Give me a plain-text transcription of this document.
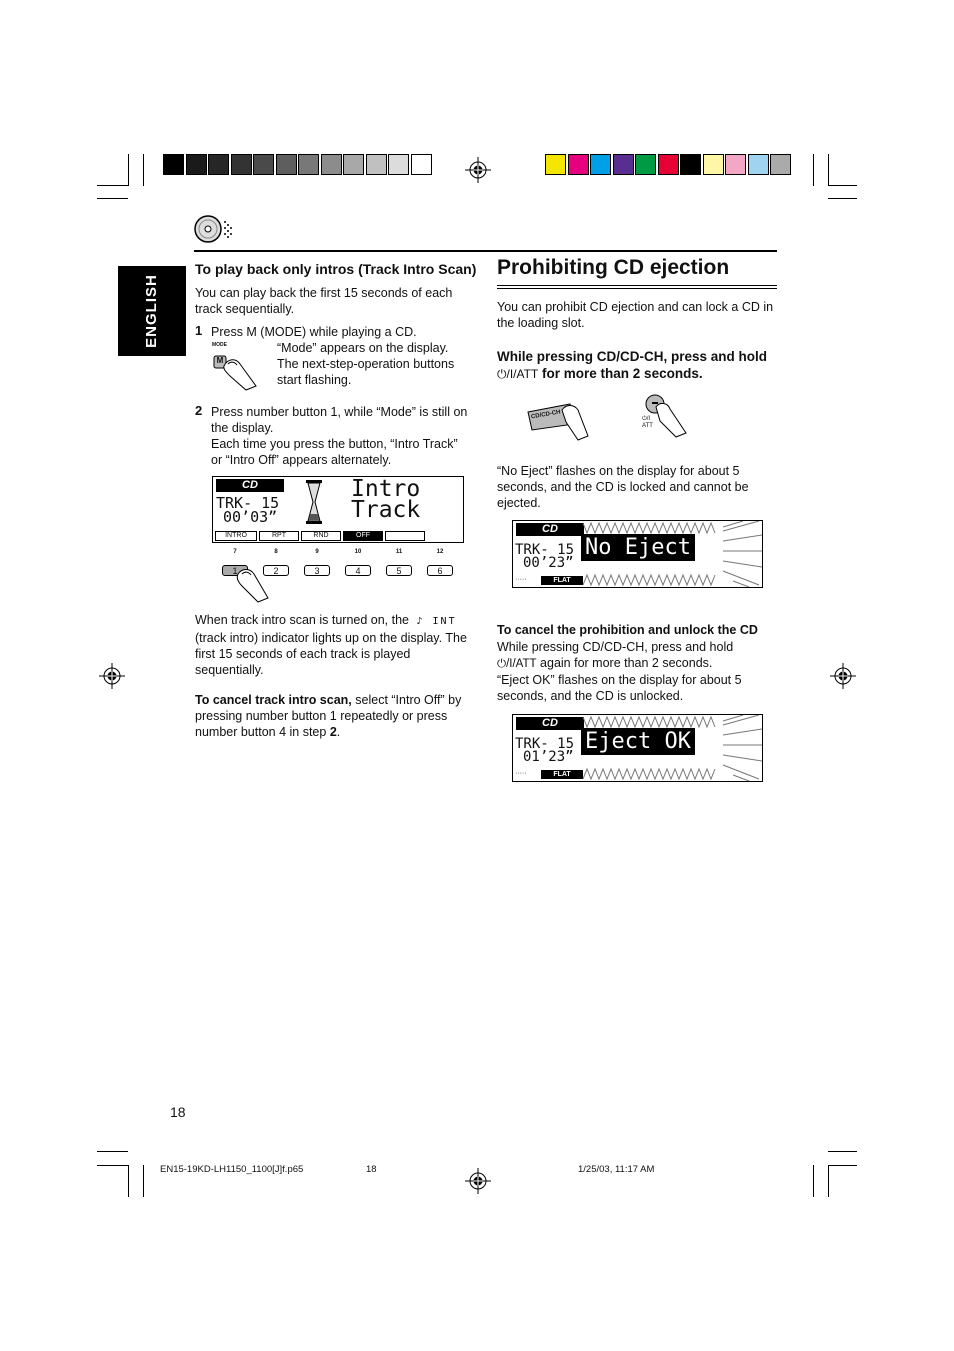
ENGLISH
To play back only intros (Track Intro Scan)
You can play back the first 15 seconds of each track sequentially.
1 Press M (MODE) while playing a CD.
MODE
M
“Mode” appears on the display. The next-step-operation buttons start flashing.
2 Press number button 1, while “Mode” is still on the display.
Each time you press the button, “Intro Track” or “Intro Off” appears alternately.
CD
TRK- 15
00’03”
Intro
Track
INTRO	RPT	RND	OFF
7	8	9	10	11	12
1	2	3	4	5	6
When track intro scan is turned on, the ♪ INT (track intro) indicator lights up on the display. The first 15 seconds of each track is played sequentially.
To cancel track intro scan, select “Intro Off” by pressing number button 1 repeatedly or press number button 4 in step 2.
Prohibiting CD ejection
You can prohibit CD ejection and can lock a CD in the loading slot.
While pressing CD/CD-CH, press and hold ⏻/I/ATT for more than 2 seconds.
CD/CD-CH	⏻/I
ATT
“No Eject” flashes on the display for about 5 seconds, and the CD is locked and cannot be ejected.
CD
TRK- 15
00’23”
No Eject
·····	FLAT
To cancel the prohibition and unlock the CD
While pressing CD/CD-CH, press and hold
⏻/I/ATT again for more than 2 seconds.
“Eject OK” flashes on the display for about 5 seconds, and the CD is unlocked.
CD
TRK- 15
01’23”
Eject OK
·····	FLAT
18
EN15-19KD-LH1150_1100[J]f.p65	18	1/25/03, 11:17 AM
